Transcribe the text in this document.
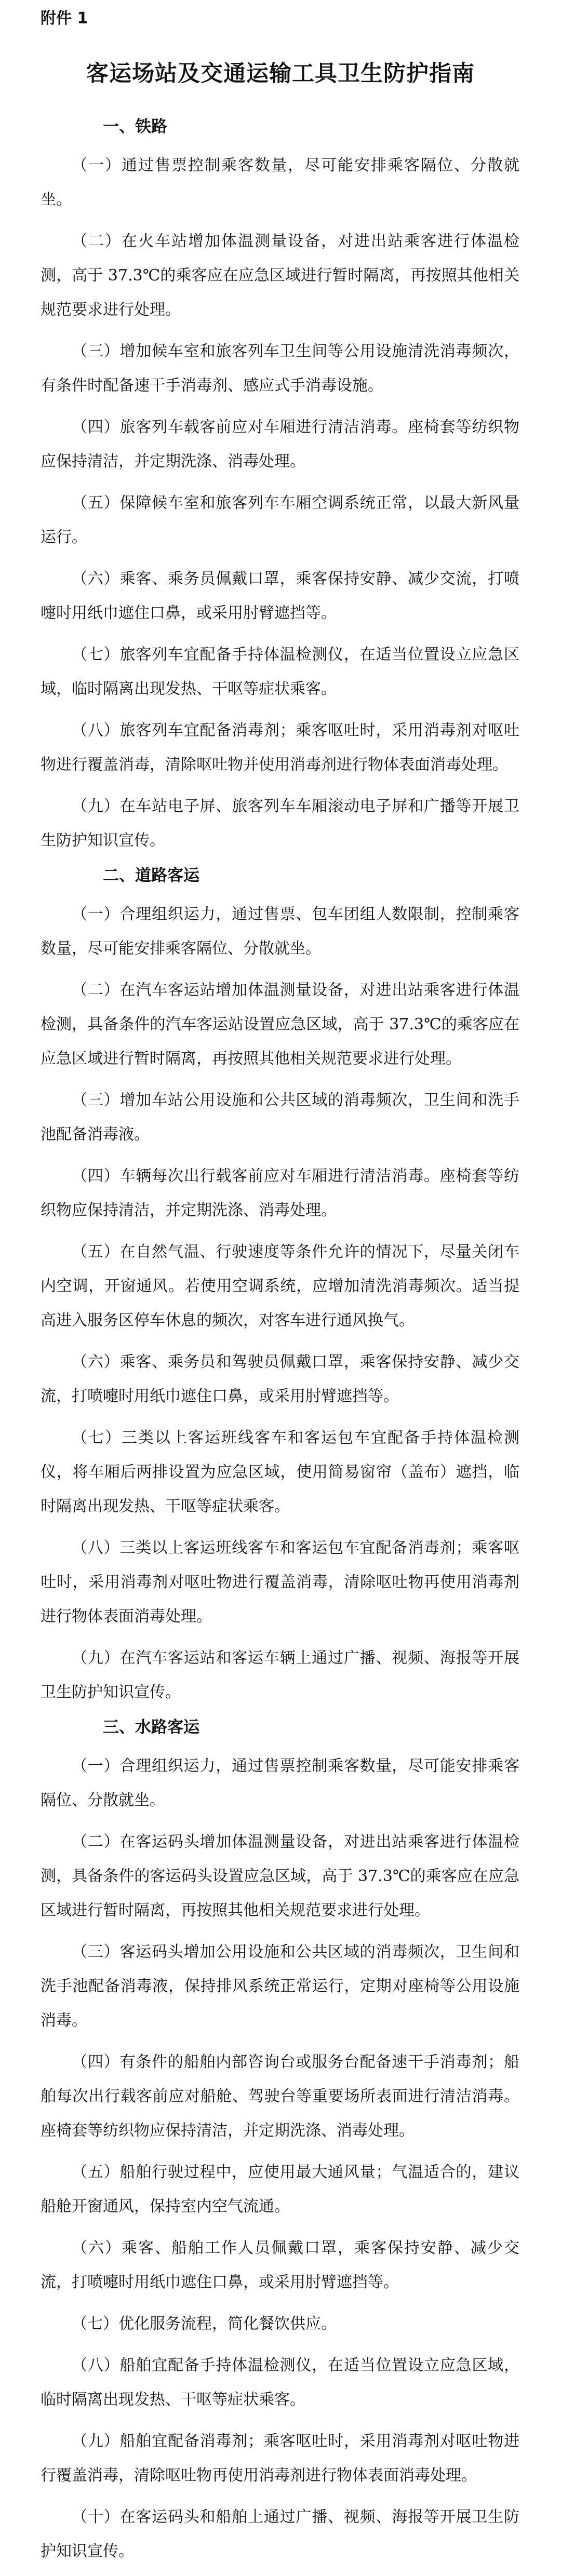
附件 1
客运场站及交通运输工具卫生防护指南
一、铁路

（一）通过售票控制乘客数量，尽可能安排乘客隔位、分散就坐。

（二）在火车站增加体温测量设备，对进出站乘客进行体温检测，高于 37.3℃的乘客应在应急区域进行暂时隔离，再按照其他相关规范要求进行处理。

（三）增加候车室和旅客列车卫生间等公用设施清洗消毒频次，有条件时配备速干手消毒剂、感应式手消毒设施。

（四）旅客列车载客前应对车厢进行清洁消毒。座椅套等纺织物应保持清洁，并定期洗涤、消毒处理。

（五）保障候车室和旅客列车车厢空调系统正常，以最大新风量运行。

（六）乘客、乘务员佩戴口罩，乘客保持安静、减少交流，打喷嚏时用纸巾遮住口鼻，或采用肘臂遮挡等。

（七）旅客列车宜配备手持体温检测仪，在适当位置设立应急区域，临时隔离出现发热、干呕等症状乘客。

（八）旅客列车宜配备消毒剂；乘客呕吐时，采用消毒剂对呕吐物进行覆盖消毒，清除呕吐物并使用消毒剂进行物体表面消毒处理。

（九）在车站电子屏、旅客列车车厢滚动电子屏和广播等开展卫生防护知识宣传。

二、道路客运

（一）合理组织运力，通过售票、包车团组人数限制，控制乘客数量，尽可能安排乘客隔位、分散就坐。

（二）在汽车客运站增加体温测量设备，对进出站乘客进行体温检测，具备条件的汽车客运站设置应急区域，高于 37.3℃的乘客应在应急区域进行暂时隔离，再按照其他相关规范要求进行处理。

（三）增加车站公用设施和公共区域的消毒频次，卫生间和洗手池配备消毒液。

（四）车辆每次出行载客前应对车厢进行清洁消毒。座椅套等纺织物应保持清洁，并定期洗涤、消毒处理。

（五）在自然气温、行驶速度等条件允许的情况下，尽量关闭车内空调，开窗通风。若使用空调系统，应增加清洗消毒频次。适当提高进入服务区停车休息的频次，对客车进行通风换气。

（六）乘客、乘务员和驾驶员佩戴口罩，乘客保持安静、减少交流，打喷嚏时用纸巾遮住口鼻，或采用肘臂遮挡等。

（七）三类以上客运班线客车和客运包车宜配备手持体温检测仪，将车厢后两排设置为应急区域，使用简易窗帘（盖布）遮挡，临时隔离出现发热、干呕等症状乘客。

（八）三类以上客运班线客车和客运包车宜配备消毒剂；乘客呕吐时，采用消毒剂对呕吐物进行覆盖消毒，清除呕吐物再使用消毒剂进行物体表面消毒处理。

（九）在汽车客运站和客运车辆上通过广播、视频、海报等开展卫生防护知识宣传。

三、水路客运

（一）合理组织运力，通过售票控制乘客数量，尽可能安排乘客隔位、分散就坐。

（二）在客运码头增加体温测量设备，对进出站乘客进行体温检测，具备条件的客运码头设置应急区域，高于 37.3℃的乘客应在应急区域进行暂时隔离，再按照其他相关规范要求进行处理。

（三）客运码头增加公用设施和公共区域的消毒频次，卫生间和洗手池配备消毒液，保持排风系统正常运行，定期对座椅等公用设施消毒。

（四）有条件的船舶内部咨询台或服务台配备速干手消毒剂；船舶每次出行载客前应对船舱、驾驶台等重要场所表面进行清洁消毒。座椅套等纺织物应保持清洁，并定期洗涤、消毒处理。

（五）船舶行驶过程中，应使用最大通风量；气温适合的，建议船舱开窗通风，保持室内空气流通。

（六）乘客、船舶工作人员佩戴口罩，乘客保持安静、减少交流，打喷嚏时用纸巾遮住口鼻，或采用肘臂遮挡等。

（七）优化服务流程，简化餐饮供应。

（八）船舶宜配备手持体温检测仪，在适当位置设立应急区域，临时隔离出现发热、干呕等症状乘客。

（九）船舶宜配备消毒剂；乘客呕吐时，采用消毒剂对呕吐物进行覆盖消毒，清除呕吐物再使用消毒剂进行物体表面消毒处理。

（十）在客运码头和船舶上通过广播、视频、海报等开展卫生防护知识宣传。
